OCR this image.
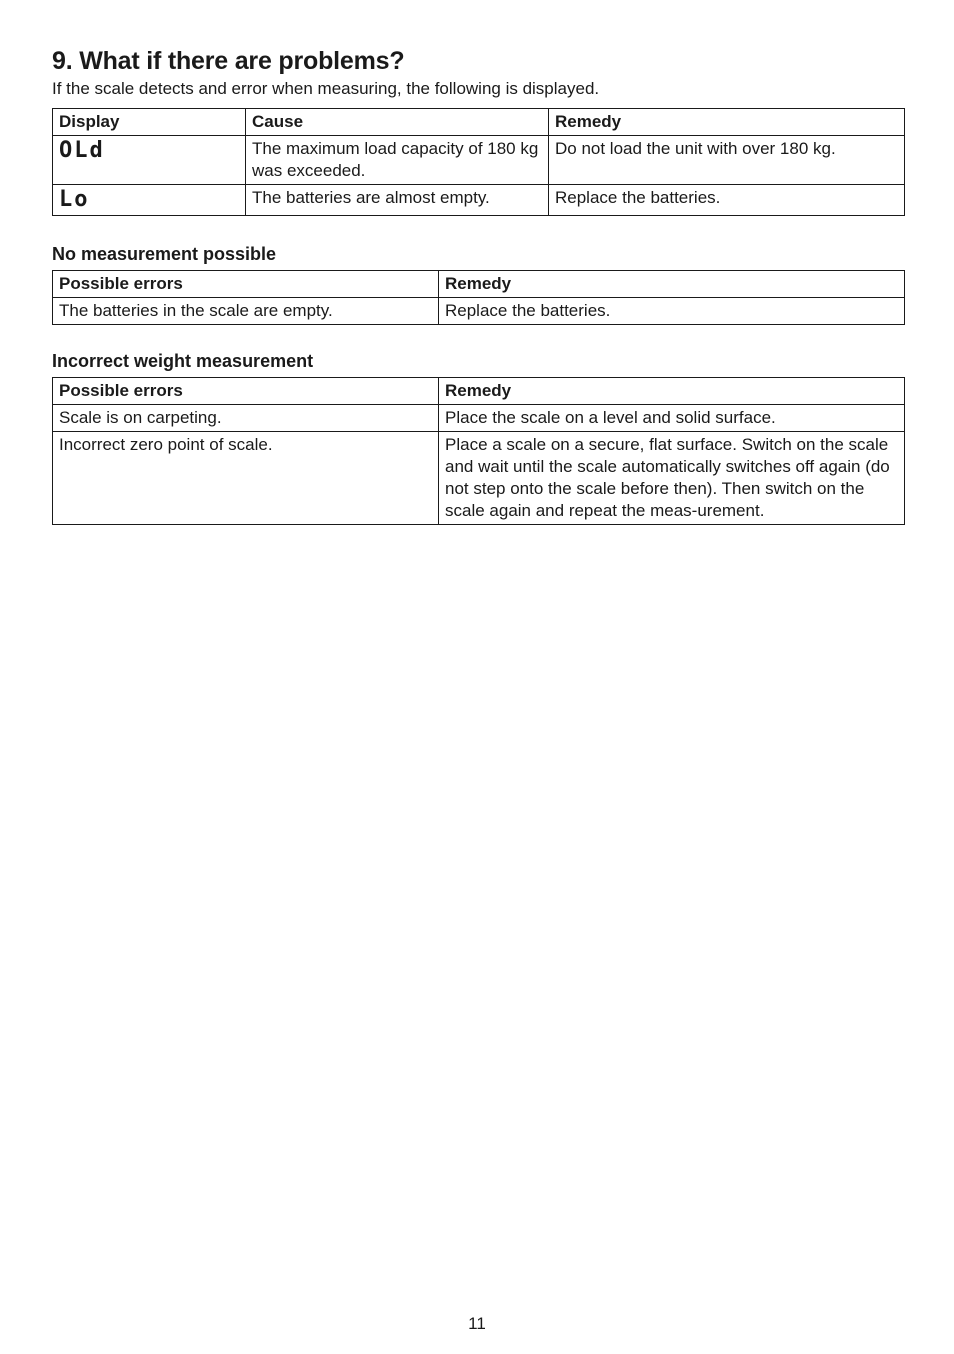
9. What if there are problems?

If the scale detects and error when measuring, the following is displayed.

Display	Cause	Remedy
OLd	The maximum load capacity of 180 kg was exceeded.	Do not load the unit with over 180 kg.
Lo	The batteries are almost empty.	Replace the batteries.
No measurement possible
Possible errors	Remedy
The batteries in the scale are empty.	Replace the batteries.
Incorrect weight measurement
Possible errors	Remedy
Scale is on carpeting.	Place the scale on a level and solid surface.
Incorrect zero point of scale.	Place a scale on a secure, flat surface. Switch on the scale and wait until the scale automatically switches off again (do not step onto the scale before then). Then switch on the scale again and repeat the meas-urement.
11
